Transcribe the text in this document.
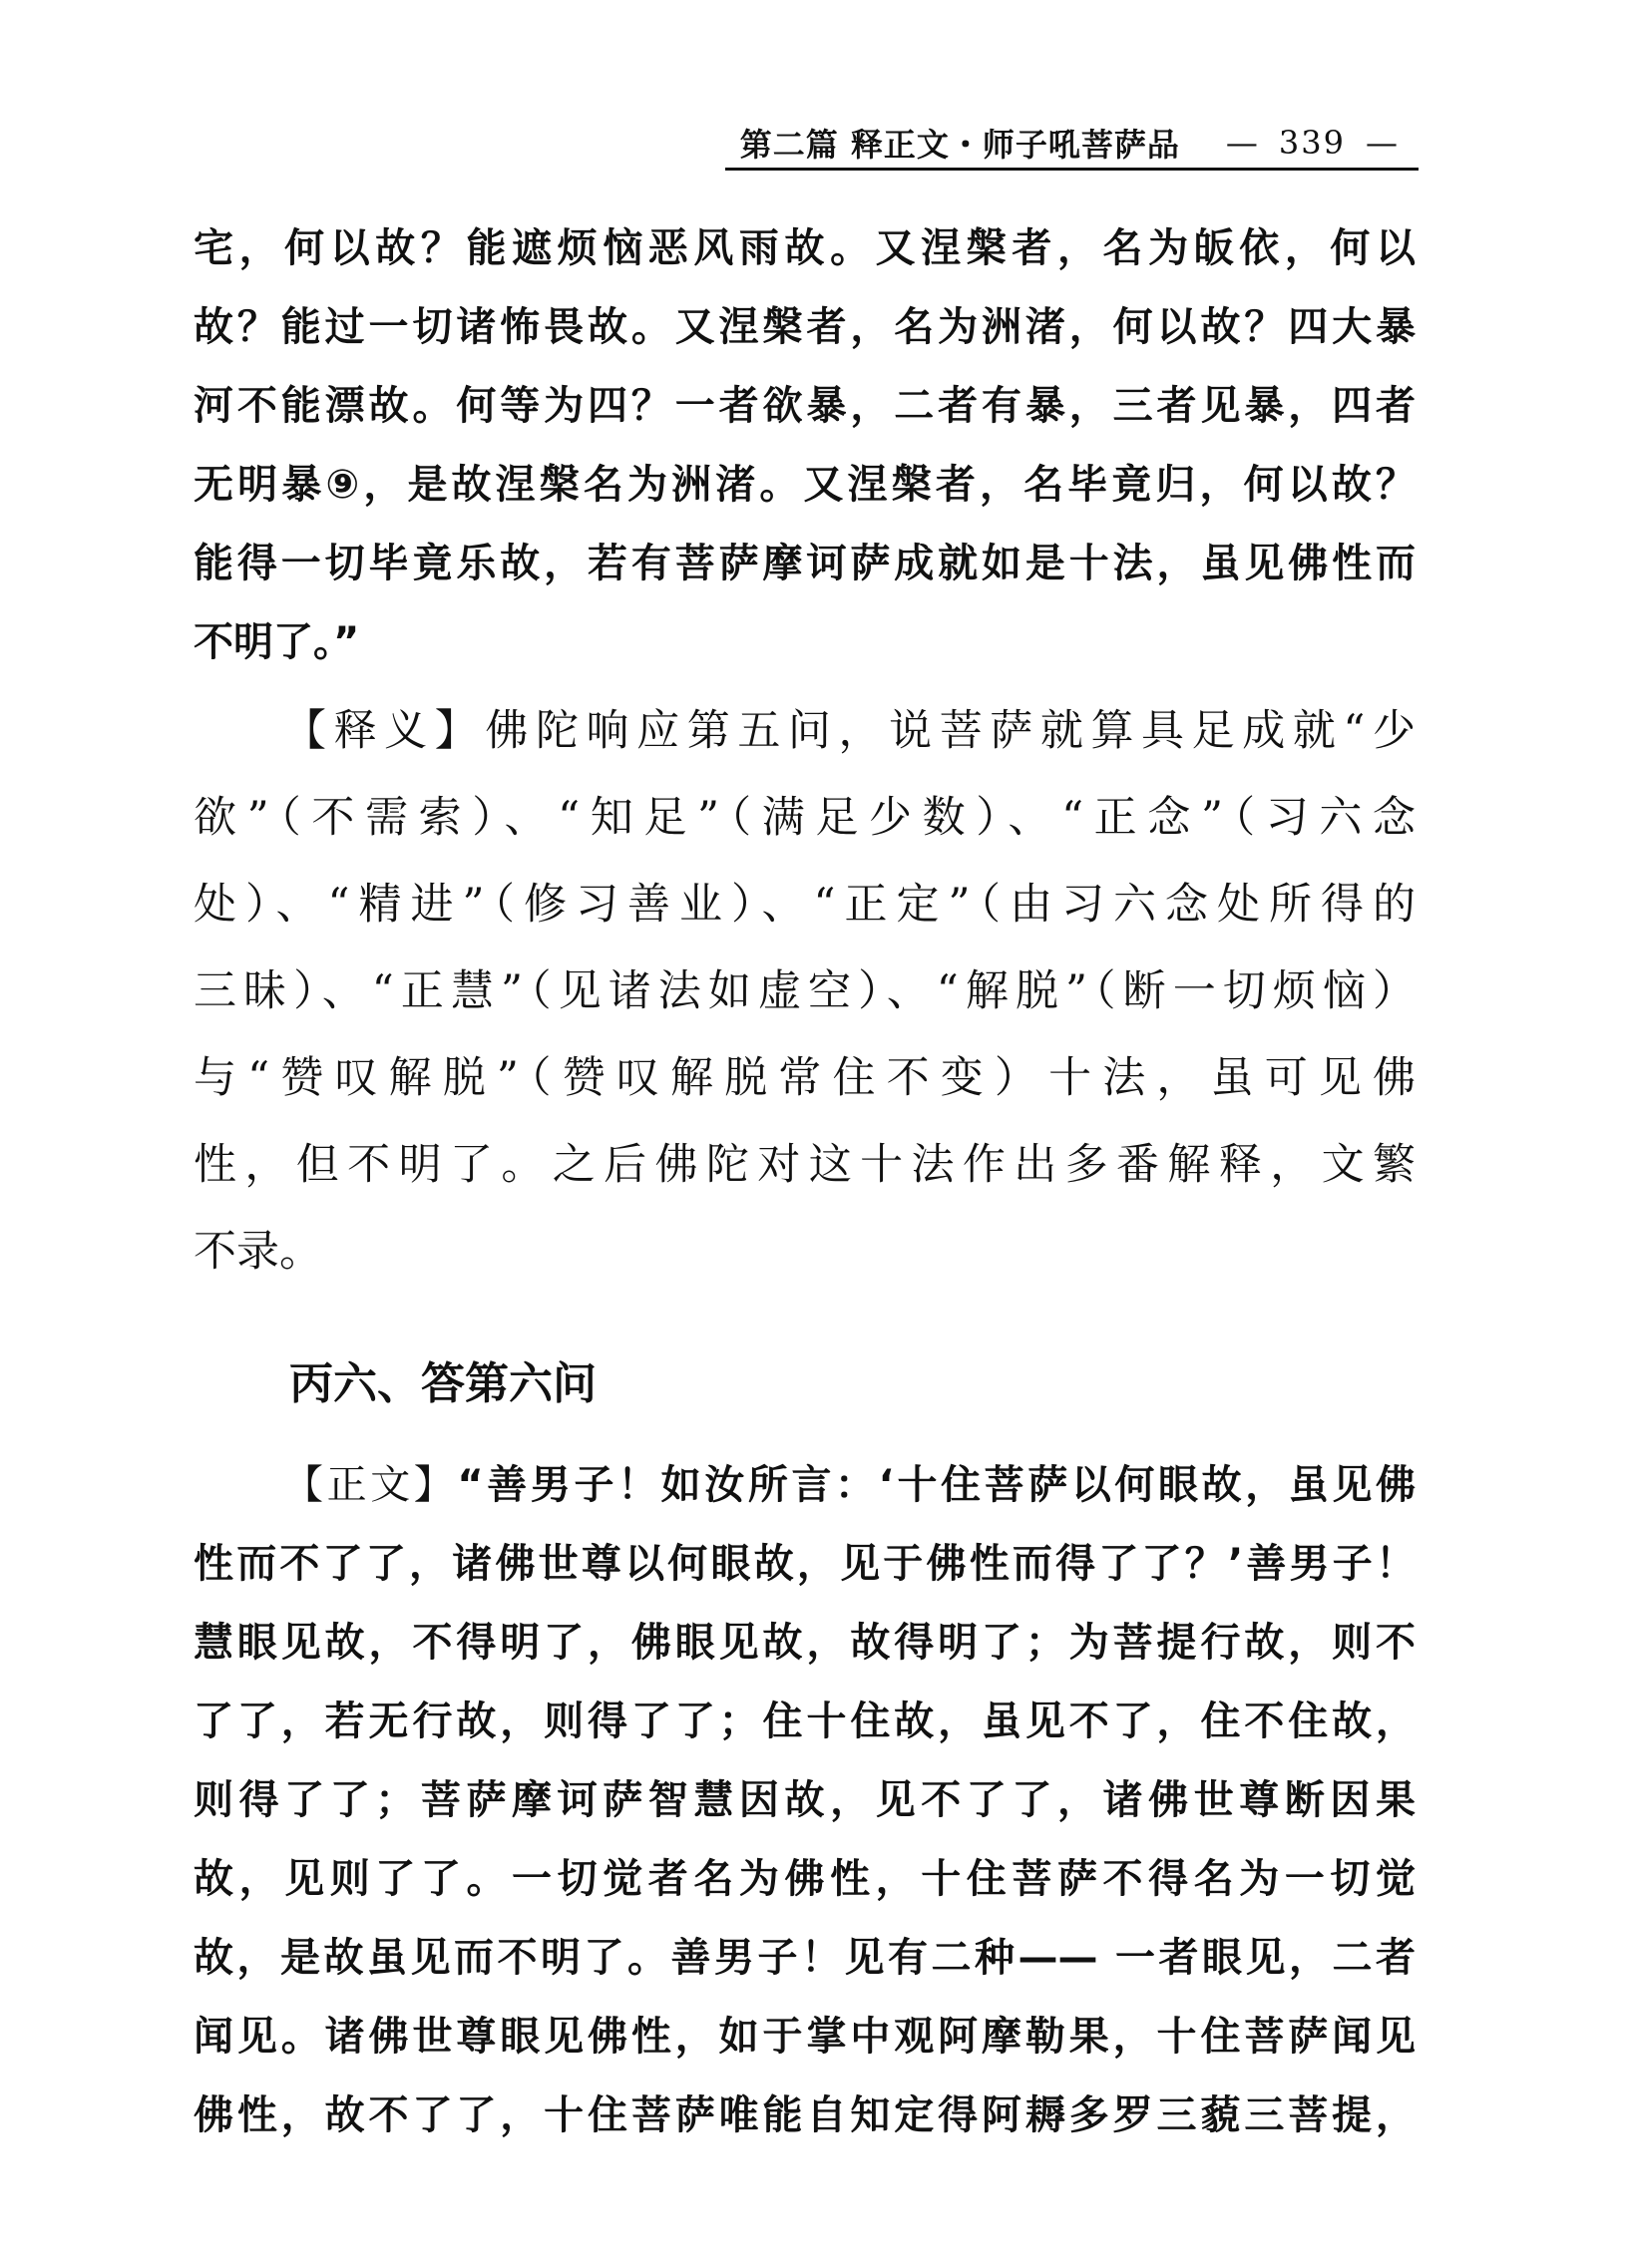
第二篇 释正文・师子吼菩萨品 — 339 —
宅，何以故？能遮烦恼恶风雨故。又涅槃者，名为皈依，何以
故？能过一切诸怖畏故。又涅槃者，名为洲渚，何以故？四大暴
河不能漂故。何等为四？一者欲暴，二者有暴，三者见暴，四者
无明暴⑨，是故涅槃名为洲渚。又涅槃者，名毕竟归，何以故？
能得一切毕竟乐故，若有菩萨摩诃萨成就如是十法，虽见佛性而
不明了。”
【释义】佛陀响应第五问，说菩萨就算具足成就“少
欲”（不需索）、“知足”（满足少数）、“正念”（习六念
处）、“精进”（修习善业）、“正定”（由习六念处所得的
三昧）、“正慧”（见诸法如虚空）、“解脱”（断一切烦恼）
与“赞叹解脱”（赞叹解脱常住不变）十法，虽可见佛
性，但不明了。之后佛陀对这十法作出多番解释，文繁
不录。
丙六、答第六问
【正文】“善男子！如汝所言：‘十住菩萨以何眼故，虽见佛
性而不了了，诸佛世尊以何眼故，见于佛性而得了了？’善男子！
慧眼见故，不得明了，佛眼见故，故得明了；为菩提行故，则不
了了，若无行故，则得了了；住十住故，虽见不了，住不住故，
则得了了；菩萨摩诃萨智慧因故，见不了了，诸佛世尊断因果
故，见则了了。一切觉者名为佛性，十住菩萨不得名为一切觉
故，是故虽见而不明了。善男子！见有二种—— 一者眼见，二者
闻见。诸佛世尊眼见佛性，如于掌中观阿摩勒果，十住菩萨闻见
佛性，故不了了，十住菩萨唯能自知定得阿耨多罗三藐三菩提，
